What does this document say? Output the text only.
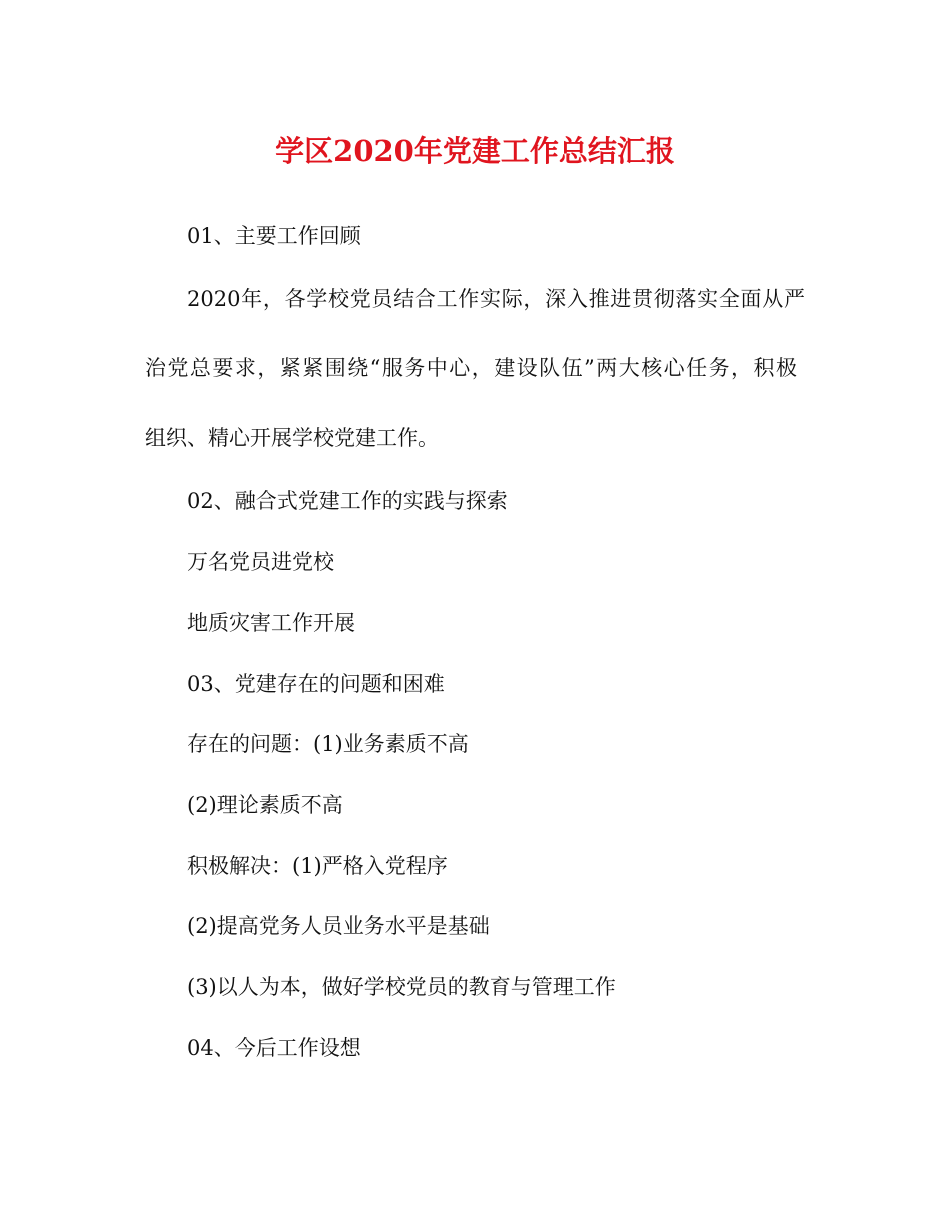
学区2020年党建工作总结汇报

01、主要工作回顾

2020年，各学校党员结合工作实际，深入推进贯彻落实全面从严

治党总要求，紧紧围绕“服务中心，建设队伍”两大核心任务，积极

组织、精心开展学校党建工作。

02、融合式党建工作的实践与探索

万名党员进党校

地质灾害工作开展

03、党建存在的问题和困难

存在的问题：(1)业务素质不高

(2)理论素质不高

积极解决：(1)严格入党程序

(2)提高党务人员业务水平是基础

(3)以人为本，做好学校党员的教育与管理工作

04、今后工作设想
